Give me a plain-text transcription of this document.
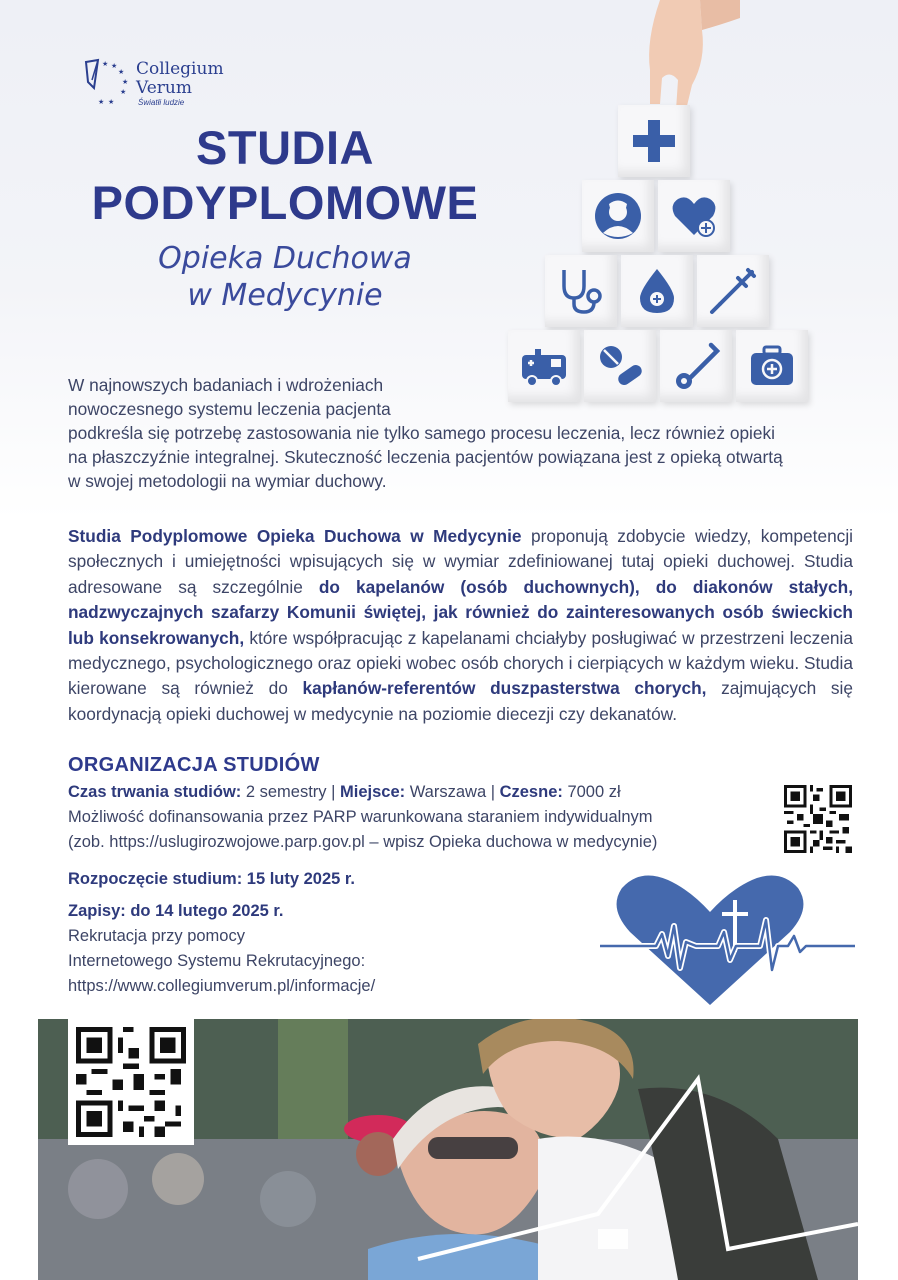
★ ★
★
★
★
★ ★
Collegium
Verum
Światłi ludzie
STUDIA
PODYPLOMOWE
Opieka Duchowa
w Medycynie

W najnowszych badaniach i wdrożeniach

nowoczesnego systemu leczenia pacjenta

podkreśla się potrzebę zastosowania nie tylko samego procesu leczenia, lecz również opieki

na płaszczyźnie integralnej. Skuteczność leczenia pacjentów powiązana jest z opieką otwartą

w swojej metodologii na wymiar duchowy.

Studia Podyplomowe Opieka Duchowa w Medycynie proponują zdobycie wiedzy, kompetencji społecznych i umiejętności wpisujących się w wymiar zdefiniowanej tutaj opieki duchowej. Studia adresowane są szczególnie do kapelanów (osób duchownych), do diakonów stałych, nadzwyczajnych szafarzy Komunii świętej, jak również do zainteresowanych osób świeckich lub konsekrowanych, które współpracując z kapelanami chciałyby posługiwać w przestrzeni leczenia medycznego, psychologicznego oraz opieki wobec osób chorych i cierpiących w każdym wieku. Studia kierowane są również do kapłanów-referentów duszpasterstwa chorych, zajmujących się koordynacją opieki duchowej w medycynie na poziomie diecezji czy dekanatów.
ORGANIZACJA STUDIÓW
Czas trwania studiów: 2 semestry | Miejsce: Warszawa | Czesne: 7000 zł
Możliwość dofinansowania przez PARP warunkowana staraniem indywidualnym
(zob. https://uslugirozwojowe.parp.gov.pl – wpisz Opieka duchowa w medycynie)
Rozpoczęcie studium: 15 luty 2025 r.
Zapisy: do 14 lutego 2025 r.
Rekrutacja przy pomocy
Internetowego Systemu Rekrutacyjnego:
https://www.collegiumverum.pl/informacje/
